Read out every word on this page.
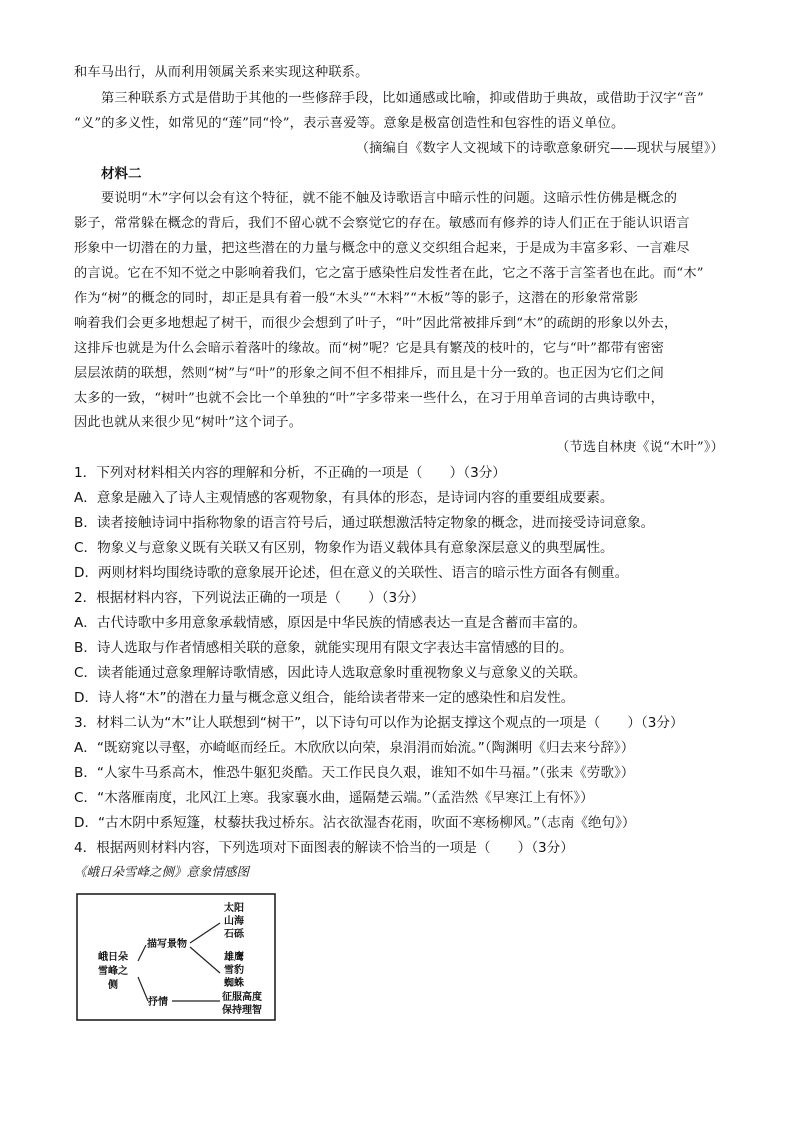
和车马出行，从而利用领属关系来实现这种联系。
第三种联系方式是借助于其他的一些修辞手段，比如通感或比喻，抑或借助于典故，或借助于汉字“音”
“义”的多义性，如常见的“莲”同“怜”，表示喜爱等。意象是极富创造性和包容性的语义单位。
（摘编自《数字人文视域下的诗歌意象研究——现状与展望》）
材料二
要说明“木”字何以会有这个特征，就不能不触及诗歌语言中暗示性的问题。这暗示性仿佛是概念的
影子，常常躲在概念的背后，我们不留心就不会察觉它的存在。敏感而有修养的诗人们正在于能认识语言
形象中一切潜在的力量，把这些潜在的力量与概念中的意义交织组合起来，于是成为丰富多彩、一言难尽
的言说。它在不知不觉之中影响着我们，它之富于感染性启发性者在此，它之不落于言筌者也在此。而“木”
作为“树”的概念的同时，却正是具有着一般“木头”“木料”“木板”等的影子，这潜在的形象常常影
响着我们会更多地想起了树干，而很少会想到了叶子，“叶”因此常被排斥到“木”的疏朗的形象以外去，
这排斥也就是为什么会暗示着落叶的缘故。而“树”呢？它是具有繁茂的枝叶的，它与“叶”都带有密密
层层浓荫的联想，然则“树”与“叶”的形象之间不但不相排斥，而且是十分一致的。也正因为它们之间
太多的一致，“树叶”也就不会比一个单独的“叶”字多带来一些什么，在习于用单音词的古典诗歌中，
因此也就从来很少见“树叶”这个词子。
（节选自林庚《说“木叶”》）
1．下列对材料相关内容的理解和分析，不正确的一项是（　　）（3分）
A．意象是融入了诗人主观情感的客观物象，有具体的形态，是诗词内容的重要组成要素。
B．读者接触诗词中指称物象的语言符号后，通过联想激活特定物象的概念，进而接受诗词意象。
C．物象义与意象义既有关联又有区别，物象作为语义载体具有意象深层意义的典型属性。
D．两则材料均围绕诗歌的意象展开论述，但在意义的关联性、语言的暗示性方面各有侧重。
2．根据材料内容，下列说法正确的一项是（　　）（3分）
A．古代诗歌中多用意象承载情感，原因是中华民族的情感表达一直是含蓄而丰富的。
B．诗人选取与作者情感相关联的意象，就能实现用有限文字表达丰富情感的目的。
C．读者能通过意象理解诗歌情感，因此诗人选取意象时重视物象义与意象义的关联。
D．诗人将“木”的潜在力量与概念意义组合，能给读者带来一定的感染性和启发性。
3．材料二认为“木”让人联想到“树干”，以下诗句可以作为论据支撑这个观点的一项是（　　）（3分）
A．“既窈窕以寻壑，亦崎岖而经丘。木欣欣以向荣，泉涓涓而始流。”（陶渊明《归去来兮辞》）
B．“人家牛马系高木，惟恐牛躯犯炎酷。天工作民良久艰，谁知不如牛马福。”（张耒《劳歌》）
C．“木落雁南度，北风江上寒。我家襄水曲，遥隔楚云端。”（孟浩然《早寒江上有怀》）
D．“古木阴中系短篷，杖藜扶我过桥东。沾衣欲湿杏花雨，吹面不寒杨柳风。”（志南《绝句》）
4．根据两则材料内容，下列选项对下面图表的解读不恰当的一项是（　　）（3分）
《峨日朵雪峰之侧》意象情感图
峨日朵
雪峰之
侧
描写景物
抒情
太阳
山海
石砾
雄鹰
雪豹
蜘蛛
征服高度
保持理智
